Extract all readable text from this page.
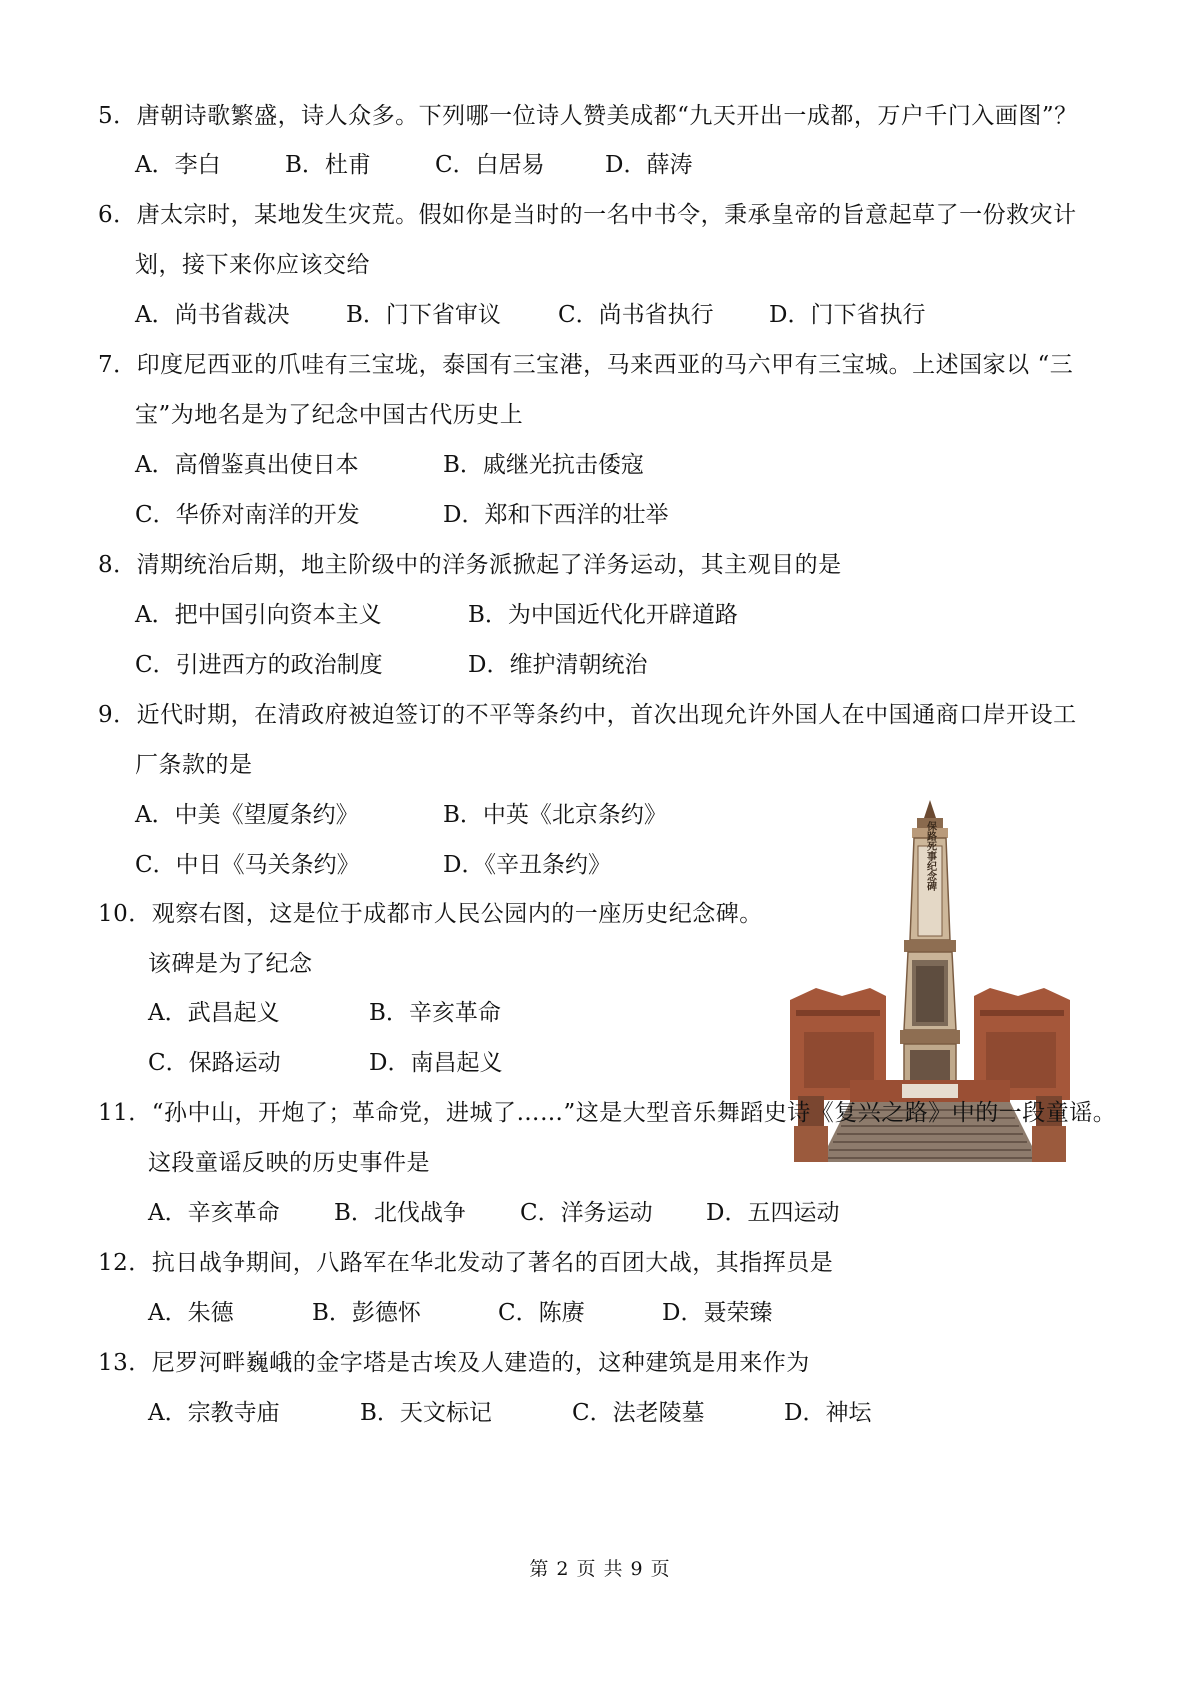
5．唐朝诗歌繁盛，诗人众多。下列哪一位诗人赞美成都“九天开出一成都，万户千门入画图”？
A．李白	B．杜甫	C．白居易	D．薛涛
6．唐太宗时，某地发生灾荒。假如你是当时的一名中书令，秉承皇帝的旨意起草了一份救灾计
划，接下来你应该交给
A．尚书省裁决 B．门下省审议 C．尚书省执行 D．门下省执行
7．印度尼西亚的爪哇有三宝垅，泰国有三宝港，马来西亚的马六甲有三宝城。上述国家以 “三
宝”为地名是为了纪念中国古代历史上
A．高僧鉴真出使日本	B．戚继光抗击倭寇
C．华侨对南洋的开发	D．郑和下西洋的壮举
8．清期统治后期，地主阶级中的洋务派掀起了洋务运动，其主观目的是
A．把中国引向资本主义	B．为中国近代化开辟道路
C．引进西方的政治制度	D．维护清朝统治
9．近代时期，在清政府被迫签订的不平等条约中，首次出现允许外国人在中国通商口岸开设工
厂条款的是
A．中美《望厦条约》	B．中英《北京条约》
C．中日《马关条约》	D．《辛丑条约》
10．观察右图，这是位于成都市人民公园内的一座历史纪念碑。
该碑是为了纪念
A．武昌起义	B．辛亥革命
C．保路运动	D．南昌起义
保路死事纪念碑
11．“孙中山，开炮了；革命党，进城了……”这是大型音乐舞蹈史诗《复兴之路》中的一段童谣。
这段童谣反映的历史事件是
A．辛亥革命 B．北伐战争 C．洋务运动 D．五四运动
12．抗日战争期间，八路军在华北发动了著名的百团大战，其指挥员是
A．朱德	B．彭德怀	C．陈赓	D．聂荣臻
13．尼罗河畔巍峨的金字塔是古埃及人建造的，这种建筑是用来作为
A．宗教寺庙	B．天文标记	C．法老陵墓	D．神坛
第 2 页 共 9 页
